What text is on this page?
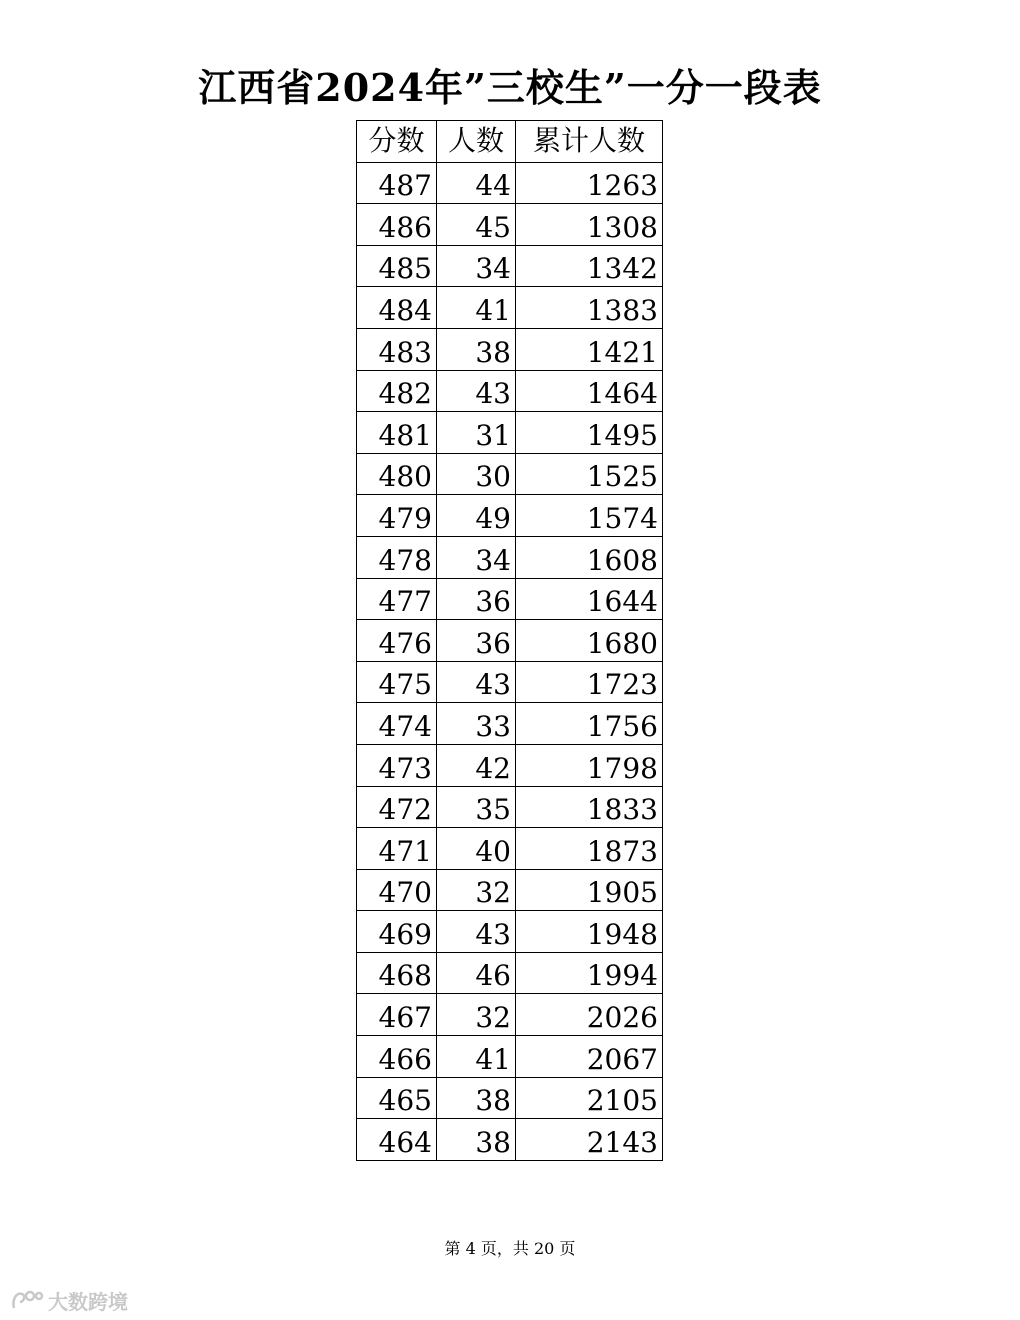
江西省2024年”三校生”一分一段表
分数	人数	累计人数
487	44	1263
486	45	1308
485	34	1342
484	41	1383
483	38	1421
482	43	1464
481	31	1495
480	30	1525
479	49	1574
478	34	1608
477	36	1644
476	36	1680
475	43	1723
474	33	1756
473	42	1798
472	35	1833
471	40	1873
470	32	1905
469	43	1948
468	46	1994
467	32	2026
466	41	2067
465	38	2105
464	38	2143
第 4 页，共 20 页
大数跨境
